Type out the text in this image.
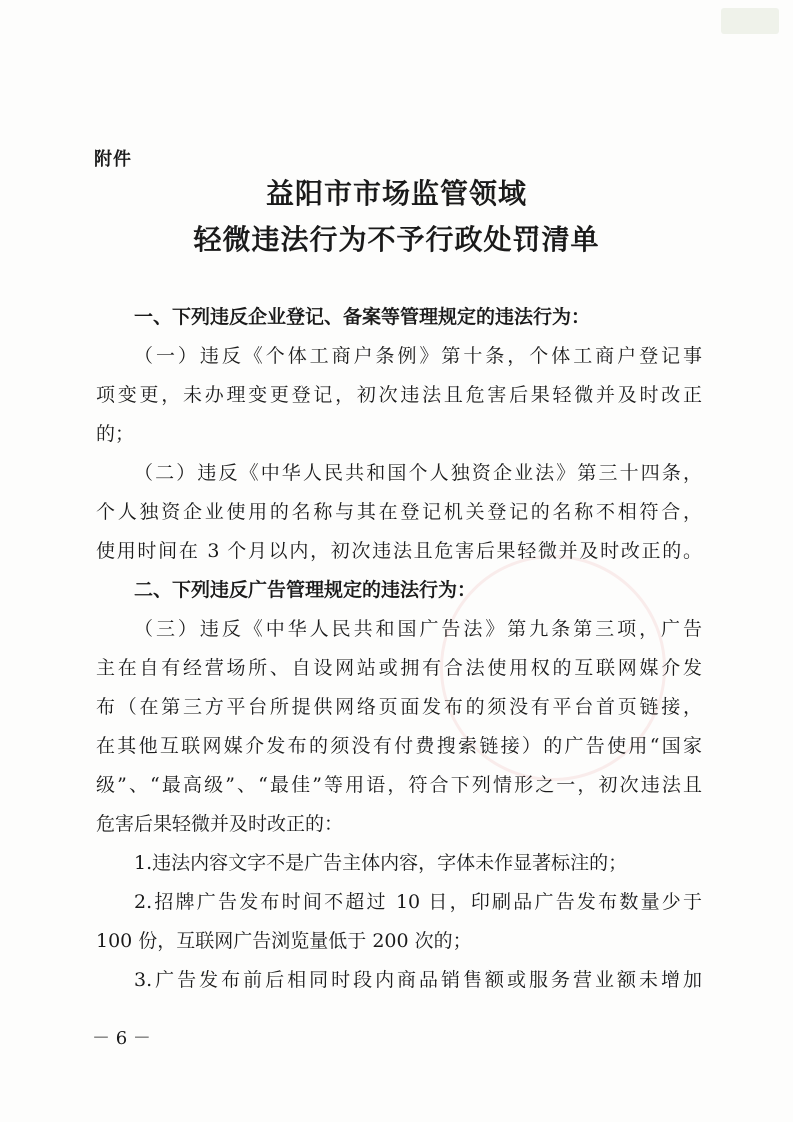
附件
益阳市市场监管领域
轻微违法行为不予行政处罚清单
一、下列违反企业登记、备案等管理规定的违法行为：
（一）违反《个体工商户条例》第十条，个体工商户登记事
项变更，未办理变更登记，初次违法且危害后果轻微并及时改正
的；
（二）违反《中华人民共和国个人独资企业法》第三十四条，
个人独资企业使用的名称与其在登记机关登记的名称不相符合，
使用时间在 3 个月以内，初次违法且危害后果轻微并及时改正的。
二、下列违反广告管理规定的违法行为：
（三）违反《中华人民共和国广告法》第九条第三项，广告
主在自有经营场所、自设网站或拥有合法使用权的互联网媒介发
布（在第三方平台所提供网络页面发布的须没有平台首页链接，
在其他互联网媒介发布的须没有付费搜索链接）的广告使用“国家
级”、“最高级”、“最佳”等用语，符合下列情形之一，初次违法且
危害后果轻微并及时改正的：
1.违法内容文字不是广告主体内容，字体未作显著标注的；
2.招牌广告发布时间不超过 10 日，印刷品广告发布数量少于
100 份，互联网广告浏览量低于 200 次的；
3.广告发布前后相同时段内商品销售额或服务营业额未增加
－ 6 －
